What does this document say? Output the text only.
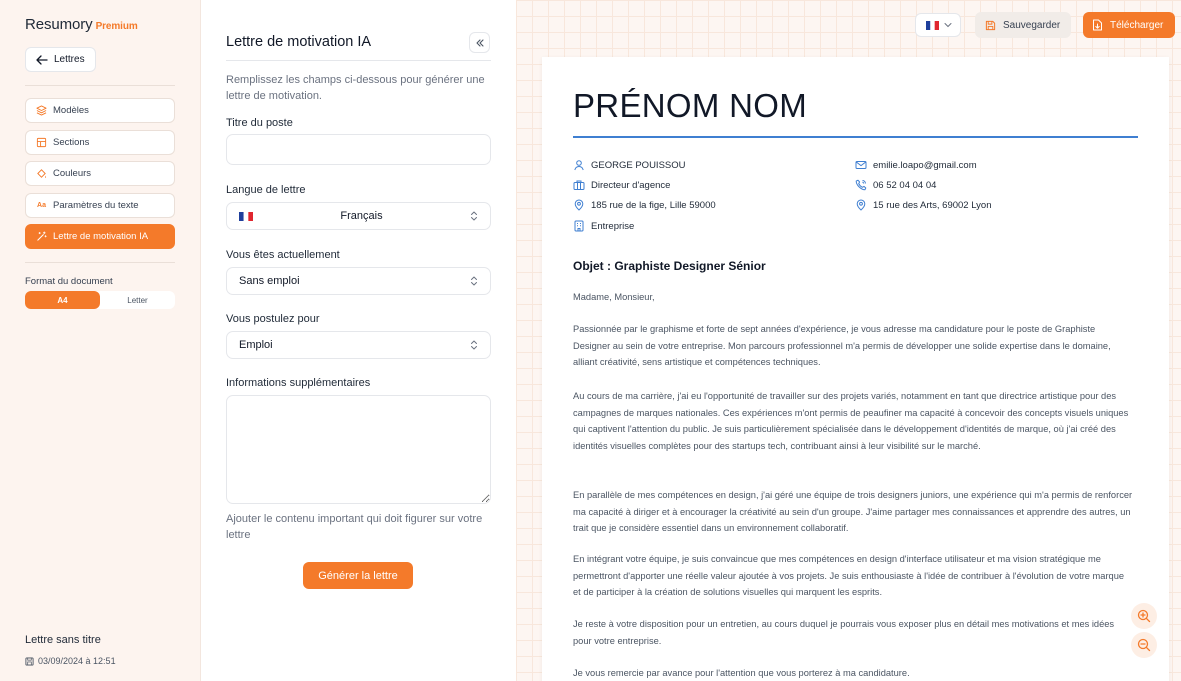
Resumory Premium
Lettres
Modèles
Sections
Couleurs
Aa Paramètres du texte
Lettre de motivation IA
Format du document
A4	Letter
Lettre sans titre
03/09/2024 à 12:51
Lettre de motivation IA
Remplissez les champs ci-dessous pour générer une lettre de motivation.
Titre du poste
Langue de lettre
Français
Vous êtes actuellement
Sans emploi
Vous postulez pour
Emploi
Informations supplémentaires
Ajouter le contenu important qui doit figurer sur votre lettre
Générer la lettre
Sauvegarder	Télécharger
PRÉNOM NOM
GEORGE POUISSOU
Directeur d'agence
185 rue de la fige, Lille 59000
Entreprise
emilie.loapo@gmail.com
06 52 04 04 04
15 rue des Arts, 69002 Lyon
Objet : Graphiste Designer Sénior
Madame, Monsieur,
Passionnée par le graphisme et forte de sept années d'expérience, je vous adresse ma candidature pour le poste de Graphiste Designer au sein de votre entreprise. Mon parcours professionnel m'a permis de développer une solide expertise dans le domaine, alliant créativité, sens artistique et compétences techniques.
Au cours de ma carrière, j'ai eu l'opportunité de travailler sur des projets variés, notamment en tant que directrice artistique pour des campagnes de marques nationales. Ces expériences m'ont permis de peaufiner ma capacité à concevoir des concepts visuels uniques qui captivent l'attention du public. Je suis particulièrement spécialisée dans le développement d'identités de marque, où j'ai créé des identités visuelles complètes pour des startups tech, contribuant ainsi à leur visibilité sur le marché.
En parallèle de mes compétences en design, j'ai géré une équipe de trois designers juniors, une expérience qui m'a permis de renforcer ma capacité à diriger et à encourager la créativité au sein d'un groupe. J'aime partager mes connaissances et apprendre des autres, un trait que je considère essentiel dans un environnement collaboratif.
En intégrant votre équipe, je suis convaincue que mes compétences en design d'interface utilisateur et ma vision stratégique me permettront d'apporter une réelle valeur ajoutée à vos projets. Je suis enthousiaste à l'idée de contribuer à l'évolution de votre marque et de participer à la création de solutions visuelles qui marquent les esprits.
Je reste à votre disposition pour un entretien, au cours duquel je pourrais vous exposer plus en détail mes motivations et mes idées pour votre entreprise.
Je vous remercie par avance pour l'attention que vous porterez à ma candidature.
